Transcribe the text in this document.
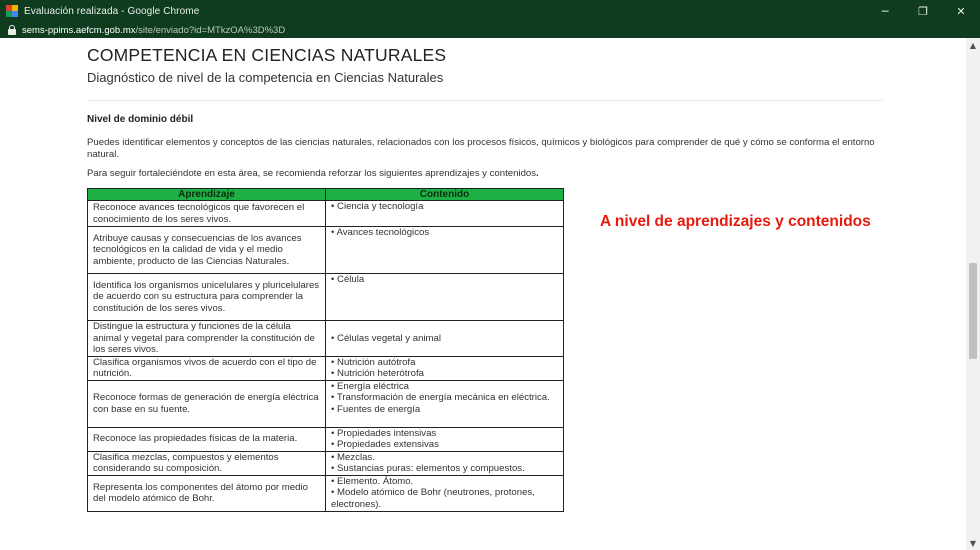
Evaluación realizada - Google Chrome	─	❐	✕
sems-ppims.aefcm.gob.mx /site/enviado?id=MTkzOA%3D%3D
COMPETENCIA EN CIENCIAS NATURALES
Diagnóstico de nivel de la competencia en Ciencias Naturales
Nivel de dominio débil
Puedes identificar elementos y conceptos de las ciencias naturales, relacionados con los procesos físicos, químicos y biológicos para comprender de qué y cómo se conforma el entorno natural.
Para seguir fortaleciéndote en esta área, se recomienda reforzar los siguientes aprendizajes y contenidos.
A nivel de aprendizajes y contenidos
Aprendizaje	Contenido
Reconoce avances tecnológicos que favorecen el conocimiento de los seres vivos.	• Ciencia y tecnología

Atribuye causas y consecuencias de los avances tecnológicos en la calidad de vida y el medio ambiente, producto de las Ciencias Naturales.	• Avances tecnológicos

Identifica los organismos unicelulares y pluricelulares de acuerdo con su estructura para comprender la constitución de los seres vivos.	• Célula

Distingue la estructura y funciones de la célula animal y vegetal para comprender la constitución de los seres vivos.	• Células vegetal y animal

Clasifica organismos vivos de acuerdo con el tipo de nutrición.	• Nutrición autótrofa
• Nutrición heterótrofa

Reconoce formas de generación de energía eléctrica con base en su fuente.	• Energía eléctrica
• Transformación de energía mecánica en eléctrica.
• Fuentes de energía

Reconoce las propiedades físicas de la materia.	• Propiedades intensivas
• Propiedades extensivas

Clasifica mezclas, compuestos y elementos considerando su composición.	• Mezclas.
• Sustancias puras: elementos y compuestos.

Representa los componentes del átomo por medio del modelo atómico de Bohr.	• Elemento. Átomo.
• Modelo atómico de Bohr (neutrones, protones, electrones).
▲
▼
